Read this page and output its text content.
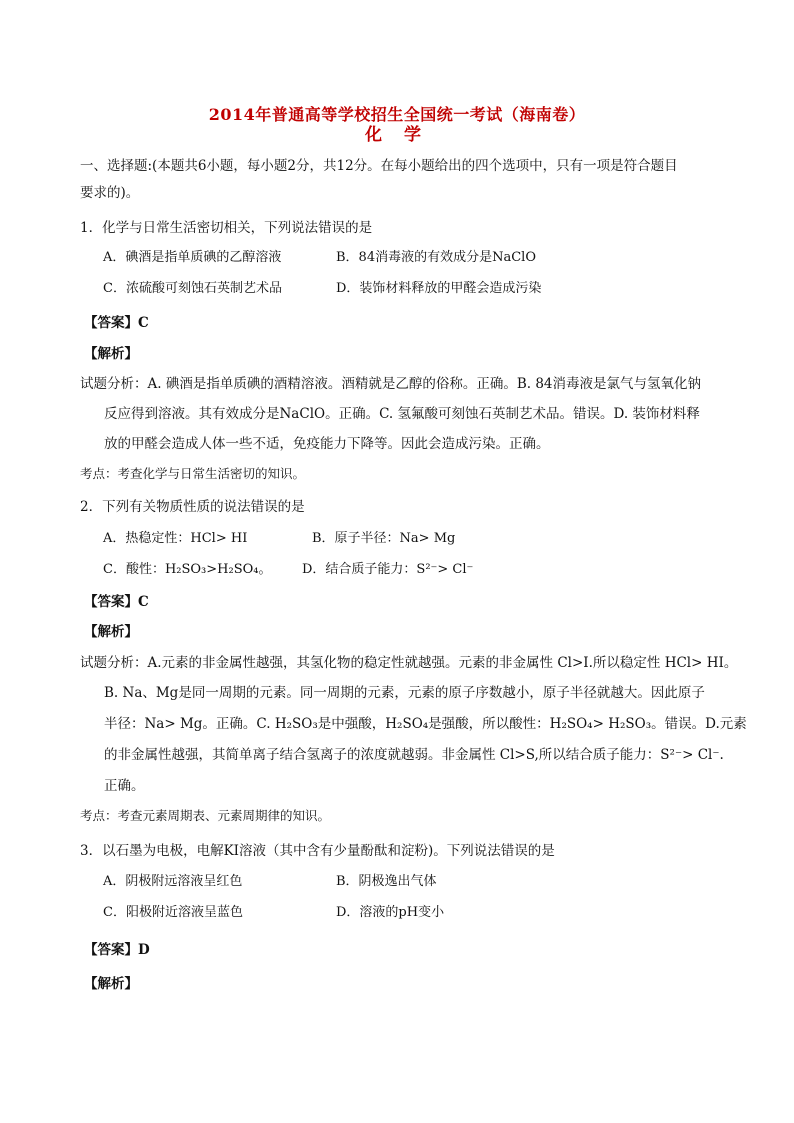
2014年普通高等学校招生全国统一考试（海南卷）
化 学
一、选择题:(本题共6小题，每小题2分，共12分。在每小题给出的四个选项中，只有一项是符合题目
要求的)。
1．化学与日常生活密切相关，下列说法错误的是
A．碘酒是指单质碘的乙醇溶液	B．84消毒液的有效成分是NaClO
C．浓硫酸可刻蚀石英制艺术品	D．装饰材料释放的甲醛会造成污染
【答案】C
【解析】
试题分析：A. 碘酒是指单质碘的酒精溶液。酒精就是乙醇的俗称。正确。B. 84消毒液是氯气与氢氧化钠
反应得到溶液。其有效成分是NaClO。正确。C. 氢氟酸可刻蚀石英制艺术品。错误。D. 装饰材料释
放的甲醛会造成人体一些不适，免疫能力下降等。因此会造成污染。正确。
考点：考查化学与日常生活密切的知识。
2．下列有关物质性质的说法错误的是
A．热稳定性：HCl> HI	B．原子半径：Na> Mg
C．酸性：H₂SO₃>H₂SO₄。 D．结合质子能力：S²⁻> Cl⁻
【答案】C
【解析】
试题分析：A.元素的非金属性越强，其氢化物的稳定性就越强。元素的非金属性 Cl>I.所以稳定性 HCl> HI。
B. Na、Mg是同一周期的元素。同一周期的元素，元素的原子序数越小，原子半径就越大。因此原子
半径：Na> Mg。正确。C. H₂SO₃是中强酸，H₂SO₄是强酸，所以酸性：H₂SO₄> H₂SO₃。错误。D.元素
的非金属性越强，其简单离子结合氢离子的浓度就越弱。非金属性 Cl>S,所以结合质子能力：S²⁻> Cl⁻.
正确。
考点：考查元素周期表、元素周期律的知识。
3．以石墨为电极，电解KI溶液（其中含有少量酚酞和淀粉)。下列说法错误的是
A．阴极附远溶液呈红色	B．阴极逸出气体
C．阳极附近溶液呈蓝色	D．溶液的pH变小
【答案】D
【解析】
